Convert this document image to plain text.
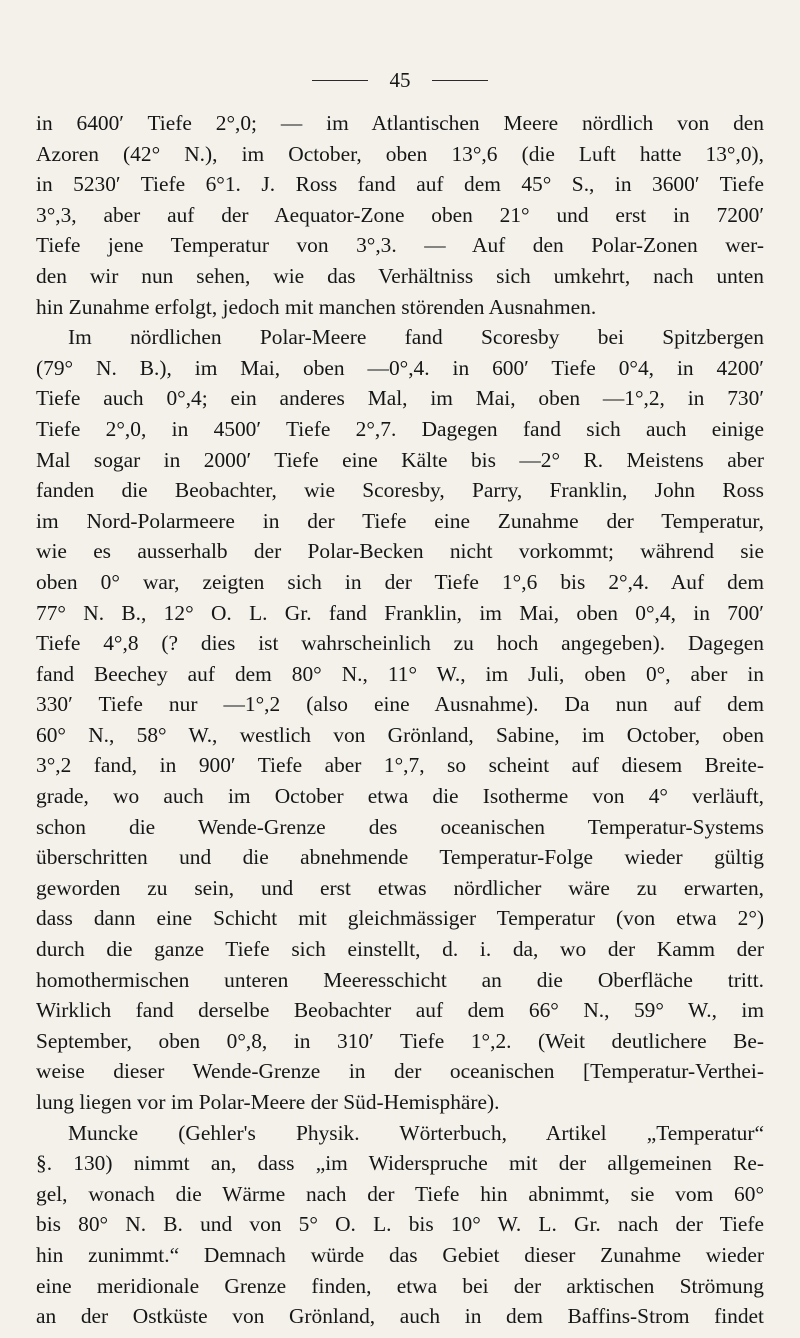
45
in 6400′ Tiefe 2°,0; — im Atlantischen Meere nördlich von den
Azoren (42° N.), im October, oben 13°,6 (die Luft hatte 13°,0),
in 5230′ Tiefe 6°1. J. Ross fand auf dem 45° S., in 3600′ Tiefe
3°,3, aber auf der Aequator-Zone oben 21° und erst in 7200′
Tiefe jene Temperatur von 3°,3. — Auf den Polar-Zonen wer-
den wir nun sehen, wie das Verhältniss sich umkehrt, nach unten
hin Zunahme erfolgt, jedoch mit manchen störenden Ausnahmen.
Im nördlichen Polar-Meere fand Scoresby bei Spitzbergen
(79° N. B.), im Mai, oben —0°,4. in 600′ Tiefe 0°4, in 4200′
Tiefe auch 0°,4; ein anderes Mal, im Mai, oben —1°,2, in 730′
Tiefe 2°,0, in 4500′ Tiefe 2°,7. Dagegen fand sich auch einige
Mal sogar in 2000′ Tiefe eine Kälte bis —2° R. Meistens aber
fanden die Beobachter, wie Scoresby, Parry, Franklin, John Ross
im Nord-Polarmeere in der Tiefe eine Zunahme der Temperatur,
wie es ausserhalb der Polar-Becken nicht vorkommt; während sie
oben 0° war, zeigten sich in der Tiefe 1°,6 bis 2°,4. Auf dem
77° N. B., 12° O. L. Gr. fand Franklin, im Mai, oben 0°,4, in 700′
Tiefe 4°,8 (? dies ist wahrscheinlich zu hoch angegeben). Dagegen
fand Beechey auf dem 80° N., 11° W., im Juli, oben 0°, aber in
330′ Tiefe nur —1°,2 (also eine Ausnahme). Da nun auf dem
60° N., 58° W., westlich von Grönland, Sabine, im October, oben
3°,2 fand, in 900′ Tiefe aber 1°,7, so scheint auf diesem Breite-
grade, wo auch im October etwa die Isotherme von 4° verläuft,
schon die Wende-Grenze des oceanischen Temperatur-Systems
überschritten und die abnehmende Temperatur-Folge wieder gültig
geworden zu sein, und erst etwas nördlicher wäre zu erwarten,
dass dann eine Schicht mit gleichmässiger Temperatur (von etwa 2°)
durch die ganze Tiefe sich einstellt, d. i. da, wo der Kamm der
homothermischen unteren Meeresschicht an die Oberfläche tritt.
Wirklich fand derselbe Beobachter auf dem 66° N., 59° W., im
September, oben 0°,8, in 310′ Tiefe 1°,2. (Weit deutlichere Be-
weise dieser Wende-Grenze in der oceanischen [Temperatur-Verthei-
lung liegen vor im Polar-Meere der Süd-Hemisphäre).
Muncke (Gehler's Physik. Wörterbuch, Artikel „Temperatur“
§. 130) nimmt an, dass „im Widerspruche mit der allgemeinen Re-
gel, wonach die Wärme nach der Tiefe hin abnimmt, sie vom 60°
bis 80° N. B. und von 5° O. L. bis 10° W. L. Gr. nach der Tiefe
hin zunimmt.“ Demnach würde das Gebiet dieser Zunahme wieder
eine meridionale Grenze finden, etwa bei der arktischen Strömung
an der Ostküste von Grönland, auch in dem Baffins-Strom findet
